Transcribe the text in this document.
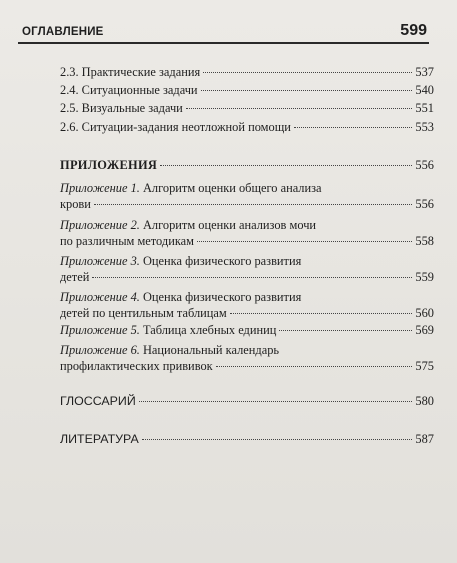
ОГЛАВЛЕНИЕ	599
2.3. Практические задания	537
2.4. Ситуационные задачи	540
2.5. Визуальные задачи	551
2.6. Ситуации-задания неотложной помощи	553
ПРИЛОЖЕНИЯ	556
Приложение 1. Алгоритм оценки общего анализа
крови	556
Приложение 2. Алгоритм оценки анализов мочи
по различным методикам	558
Приложение 3. Оценка физического развития
детей	559
Приложение 4. Оценка физического развития
детей по центильным таблицам	560
Приложение 5. Таблица хлебных единиц	569
Приложение 6. Национальный календарь
профилактических прививок	575
ГЛОССАРИЙ	580
ЛИТЕРАТУРА	587
